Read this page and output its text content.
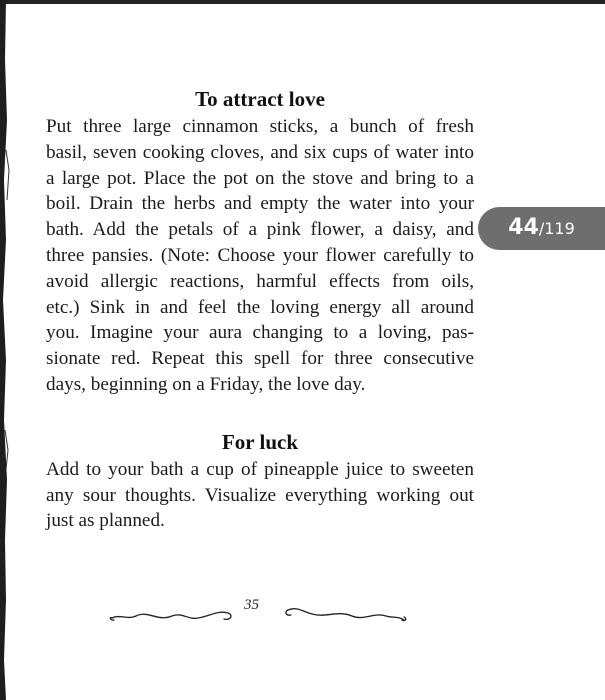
To attract love

Put three large cinnamon sticks, a bunch of fresh
basil, seven cooking cloves, and six cups of water into
a large pot. Place the pot on the stove and bring to a
boil. Drain the herbs and empty the water into your
bath. Add the petals of a pink flower, a daisy, and
three pansies. (Note: Choose your flower carefully to
avoid allergic reactions, harmful effects from oils,
etc.) Sink in and feel the loving energy all around
you. Imagine your aura changing to a loving, pas-
sionate red. Repeat this spell for three consecutive
days, beginning on a Friday, the love day.

For luck

Add to your bath a cup of pineapple juice to sweeten
any sour thoughts. Visualize everything working out
just as planned.

44 /119
35
